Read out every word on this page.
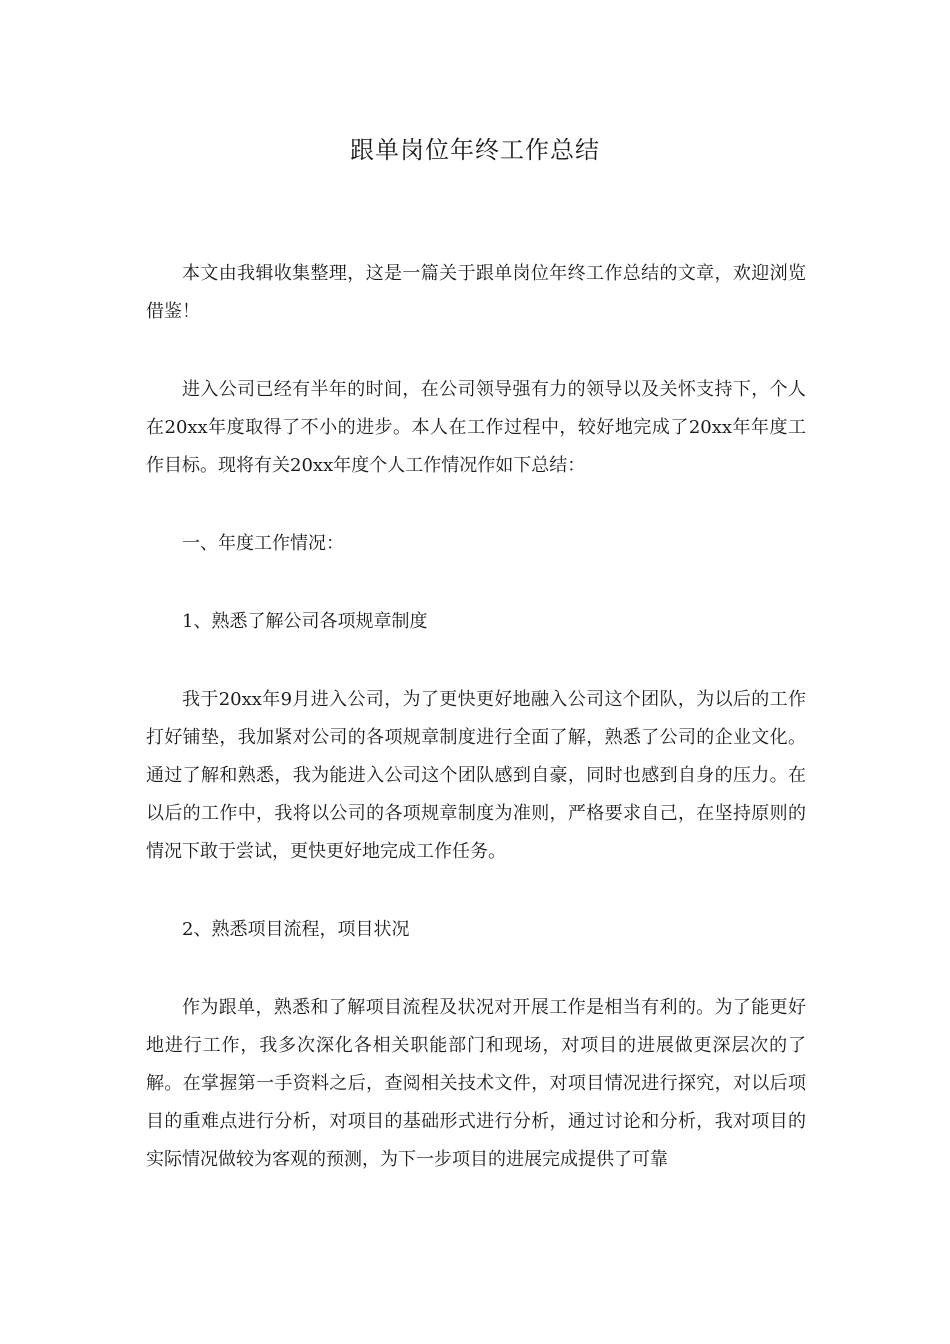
跟单岗位年终工作总结

本文由我辑收集整理，这是一篇关于跟单岗位年终工作总结的文章，欢迎浏览借鉴！

进入公司已经有半年的时间，在公司领导强有力的领导以及关怀支持下，个人在20xx年度取得了不小的进步。本人在工作过程中，较好地完成了20xx年年度工作目标。现将有关20xx年度个人工作情况作如下总结：

一、年度工作情况：

1、熟悉了解公司各项规章制度

我于20xx年9月进入公司，为了更快更好地融入公司这个团队，为以后的工作打好铺垫，我加紧对公司的各项规章制度进行全面了解，熟悉了公司的企业文化。通过了解和熟悉，我为能进入公司这个团队感到自豪，同时也感到自身的压力。在以后的工作中，我将以公司的各项规章制度为准则，严格要求自己，在坚持原则的情况下敢于尝试，更快更好地完成工作任务。

2、熟悉项目流程，项目状况

作为跟单，熟悉和了解项目流程及状况对开展工作是相当有利的。为了能更好地进行工作，我多次深化各相关职能部门和现场，对项目的进展做更深层次的了解。在掌握第一手资料之后，查阅相关技术文件，对项目情况进行探究，对以后项目的重难点进行分析，对项目的基础形式进行分析，通过讨论和分析，我对项目的实际情况做较为客观的预测，为下一步项目的进展完成提供了可靠
